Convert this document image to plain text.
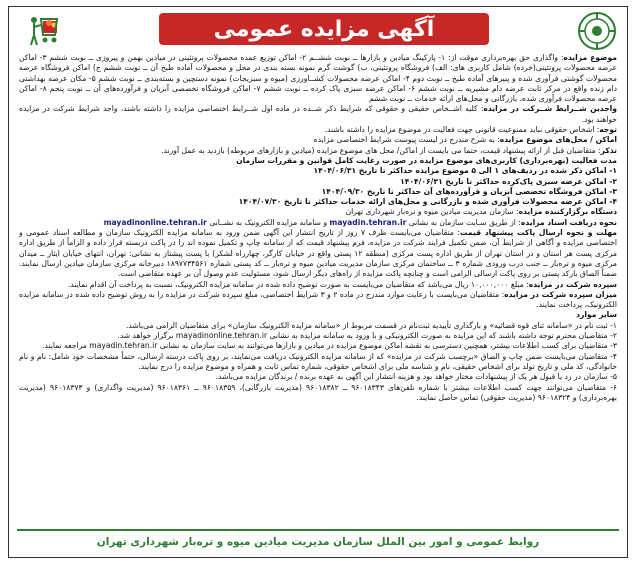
آگهی مزایده عمومی

موضوع مزایده: واگذاری حق بهره‌برداری موقت از: ۱- پارکینگ میادین و بازارها ــ نوبت ششــم ۲- اماکن توزیع عمده محصولات پروتئینی در میادین بهمن و پیروزی ــ نوبت ششم ۳- اماکن عرضه محصولات پروتئینی(خرده) شامل کاربری های: الف) فروشگاه پروتئینی، ب) گوشت گرم نمونه بسته بندی در محل و محصولات آماده طبخ آن ــ نوبت ششم ج) اماکن فروشگاه عرضه محصولات گوشتی فرآوری شده و پنیرهای آماده طبخ ــ نوبت دوم ۴- اماکن عرضه محصولات کشــاورزی (میوه و سبزیجات) نمونه دستچین و بسته‌بندی ــ نوبت ششم ۵- مکان عرضه بهداشتی دام زنده واقع در مرکز ثابت عرضه دام مشیریه ــ نوبت ششم ۶- اماکن عرضه سبزی پاک کرده ــ نوبت ششم ۷- اماکن فروشگاه تخصصی آبزیان و فرآورده‌های آن ــ نوبت پنجم ۸- اماکن عرضه محصولات فرآوری شده، بازرگانی و محل‌های ارائه خدمات ــ نوبت ششم

واجدین شــرایط شــرکت در مزایده: کلیه اشــخاص حقیقی و حقوقی که شرایط ذکر شــده در ماده اول شــرایط اختصاصی مزایده را داشته باشند، واجد شرایط شرکت در مزایده خواهند بود.

توجه: اشخاص حقوقی نباید ممنوعیت قانونی جهت فعالیت در موضوع مزایده را داشته باشند.

اماکن / محل‌های موضوع مزایده: به شرح مندرج در لیست پیوست شرایط اختصاصی مزایده

تذکر: متقاضیان قبل از ارائه پیشنهاد قیمت، حتما می بایست از اماکن/ محل های موضوع مزایده (میادین و بازارهای مربوطه) بازدید به عمل آورند.

مدت فعالیت (بهره‌برداری) کاربری‌های موضوع مزایده در صورت رعایت کامل قوانین و مقررات سازمان

۱- اماکن ذکر شده در ردیف‌های ۱ الی ۵ موضوع مزایده حداکثر تا تاریخ ۱۴۰۴/۰۶/۳۱

۲- اماکن عرضه سبزی پاک‌کرده حداکثر تا تاریخ ۱۴۰۴/۰۶/۳۱

۳- اماکن فروشگاه تخصصی آبزیان و فرآورده‌های آن حداکثر تا تاریخ ۱۴۰۴/۰۹/۳۰

۴- اماکن عرضه محصولات فرآوری شده و بازرگانی و محل‌های ارائه خدمات حداکثر تا تاریخ ۱۴۰۴/۰۷/۳۰

دستگاه برگزارکننده مزایده: سازمان مدیریت میادین میوه و تره‌بار شهرداری تهران

نحوه دریافت اسناد مزایده: از طریق سـایت سازمان به نشانی mayadin.tehran.ir و سامانه مزایده الکترونیک به نشــانی mayadinonline.tehran.ir

مهلت و نحوه ارسال پاکت پیشنهاد قیمت: متقاضیان می‌بایست ظرف ۷ روز از تاریخ انتشار این آگهی ضمن ورود به سامانه مزایده الکترونیک سازمان و مطالعه اسناد عمومی و اختصاصی مزایده و آگاهی از شرایط آن، ضمن تکمیل فرایند شرکت در مزایده، فرم پیشنهاد قیمت که از سامانه چاپ و تکمیل نموده اند را در پاکت دربسته قرار داده و الزاماً از طریق اداره مرکزی پست هر استان و در استان تهران از طریق اداره پست مرکزی (منطقه ۱۲ پستی واقع در خیابان کارگر، چهارراه لشکر) با پست پیشتاز به نشانی: تهران، انتهای خیابان ایثار ــ میدان مرکزی میوه و تره‌بار ــ جنب درب ورودی شماره ۳ ــ ساختمان مرکزی سازمان مدیریت میادین میوه و تره‌بار ــ کد پستی شماره ۱۸۹۷۷۳۴۵۶۱ دبیرخانه مرکزی سازمان میادین ارسال نمایند. ضمناً الصاق بارکد پستی بر روی پاکت ارسالی الزامی است و چنانچه پاکت مزایده از راه‌های دیگر ارسال شود، مسئولیت عدم وصول آن بر عهده متقاضی است.

سپرده شرکت در مزایده: مبلغ ۱۰,۰۰۰,۰۰۰ ریال می‌باشد که متقاضیان می‌بایست به صورت توضیح داده شده در سامانه مزایده الکترونیک، نسبت به پرداخت آن اقدام نمایند.

میزان سپرده شرکت در مزایده: متقاضیان می‌بایست با رعایت موارد مندرج در ماده ۲ و ۳ شرایط اختصاصی، مبلغ سپرده شرکت در مزایده را به روش توضیح داده شده در سامانه مزایده الکترونیک، پرداخت نمایند.

سایر موارد

۱- ثبت نام در «سامانه ثنای قوه قضائیه» و بارگذاری تأییدیه ثبت‌نام در قسمت مربوط از «سامانه مزایده الکترونیک سازمان» برای متقاضیان الزامی می‌باشد.

۲- متقاضیان محترم توجه داشته باشند که این مزایده به صورت الکترونیکی و با ورود به سامانه مزایده به نشانی mayadinonline.tehran.ir برگزار خواهد شد.

۳- متقاضیان برای کسب اطلاعات بیشتر، همچنین دسترسی به نقشه اماکن موضوع مزایده در میادین و بازارها می‌توانند به سایت سازمان به نشانی mayadin.tehran.ir مراجعه نمایند.

۴- متقاضیان می‌بایست ضمن چاپ و الصاق «برچسب شرکت در مزایده» که از سامانه مزایده الکترونیک دریافت می‌نمایند، بر روی پاکت درسته ارسالی، حتماً مشخصات خود شامل: نام و نام خانوادگی، کد ملی و تاریخ تولد برای اشخاص حقیقی، نام و شناسه ملی برای اشخاص حقوقی، شماره تماس ثابت و همراه و موضوع مزایده را درج نمایند.

۵- سازمان در رد یا قبول هر یک از پیشنهادات مختار خواهد بود و هزینه انتشار این آگهی به عهده برنده / برندگان مزایده می‌باشد.

۶- متقاضیان می‌توانند جهت کسب اطلاعات بیشتر با شماره تلفن‌های ۹۶۰۱۸۳۴۳ ــ ۹۶۰۱۸۳۸۲ (مدیریت بازرگانی)، ۹۶۰۱۸۳۵۹ ــ ۹۶۰۱۸۳۶۱ (مدیریت واگذاری) و ۹۶۰۱۸۳۷۳ (مدیریت بهره‌برداری) و ۹۶۰۱۸۳۲۴ (مدیریت حقوقی) تماس حاصل نمایند.

روابط عمومی و امور بین الملل سازمان مدیریت میادین میوه و تره‌بار شهرداری تهران
